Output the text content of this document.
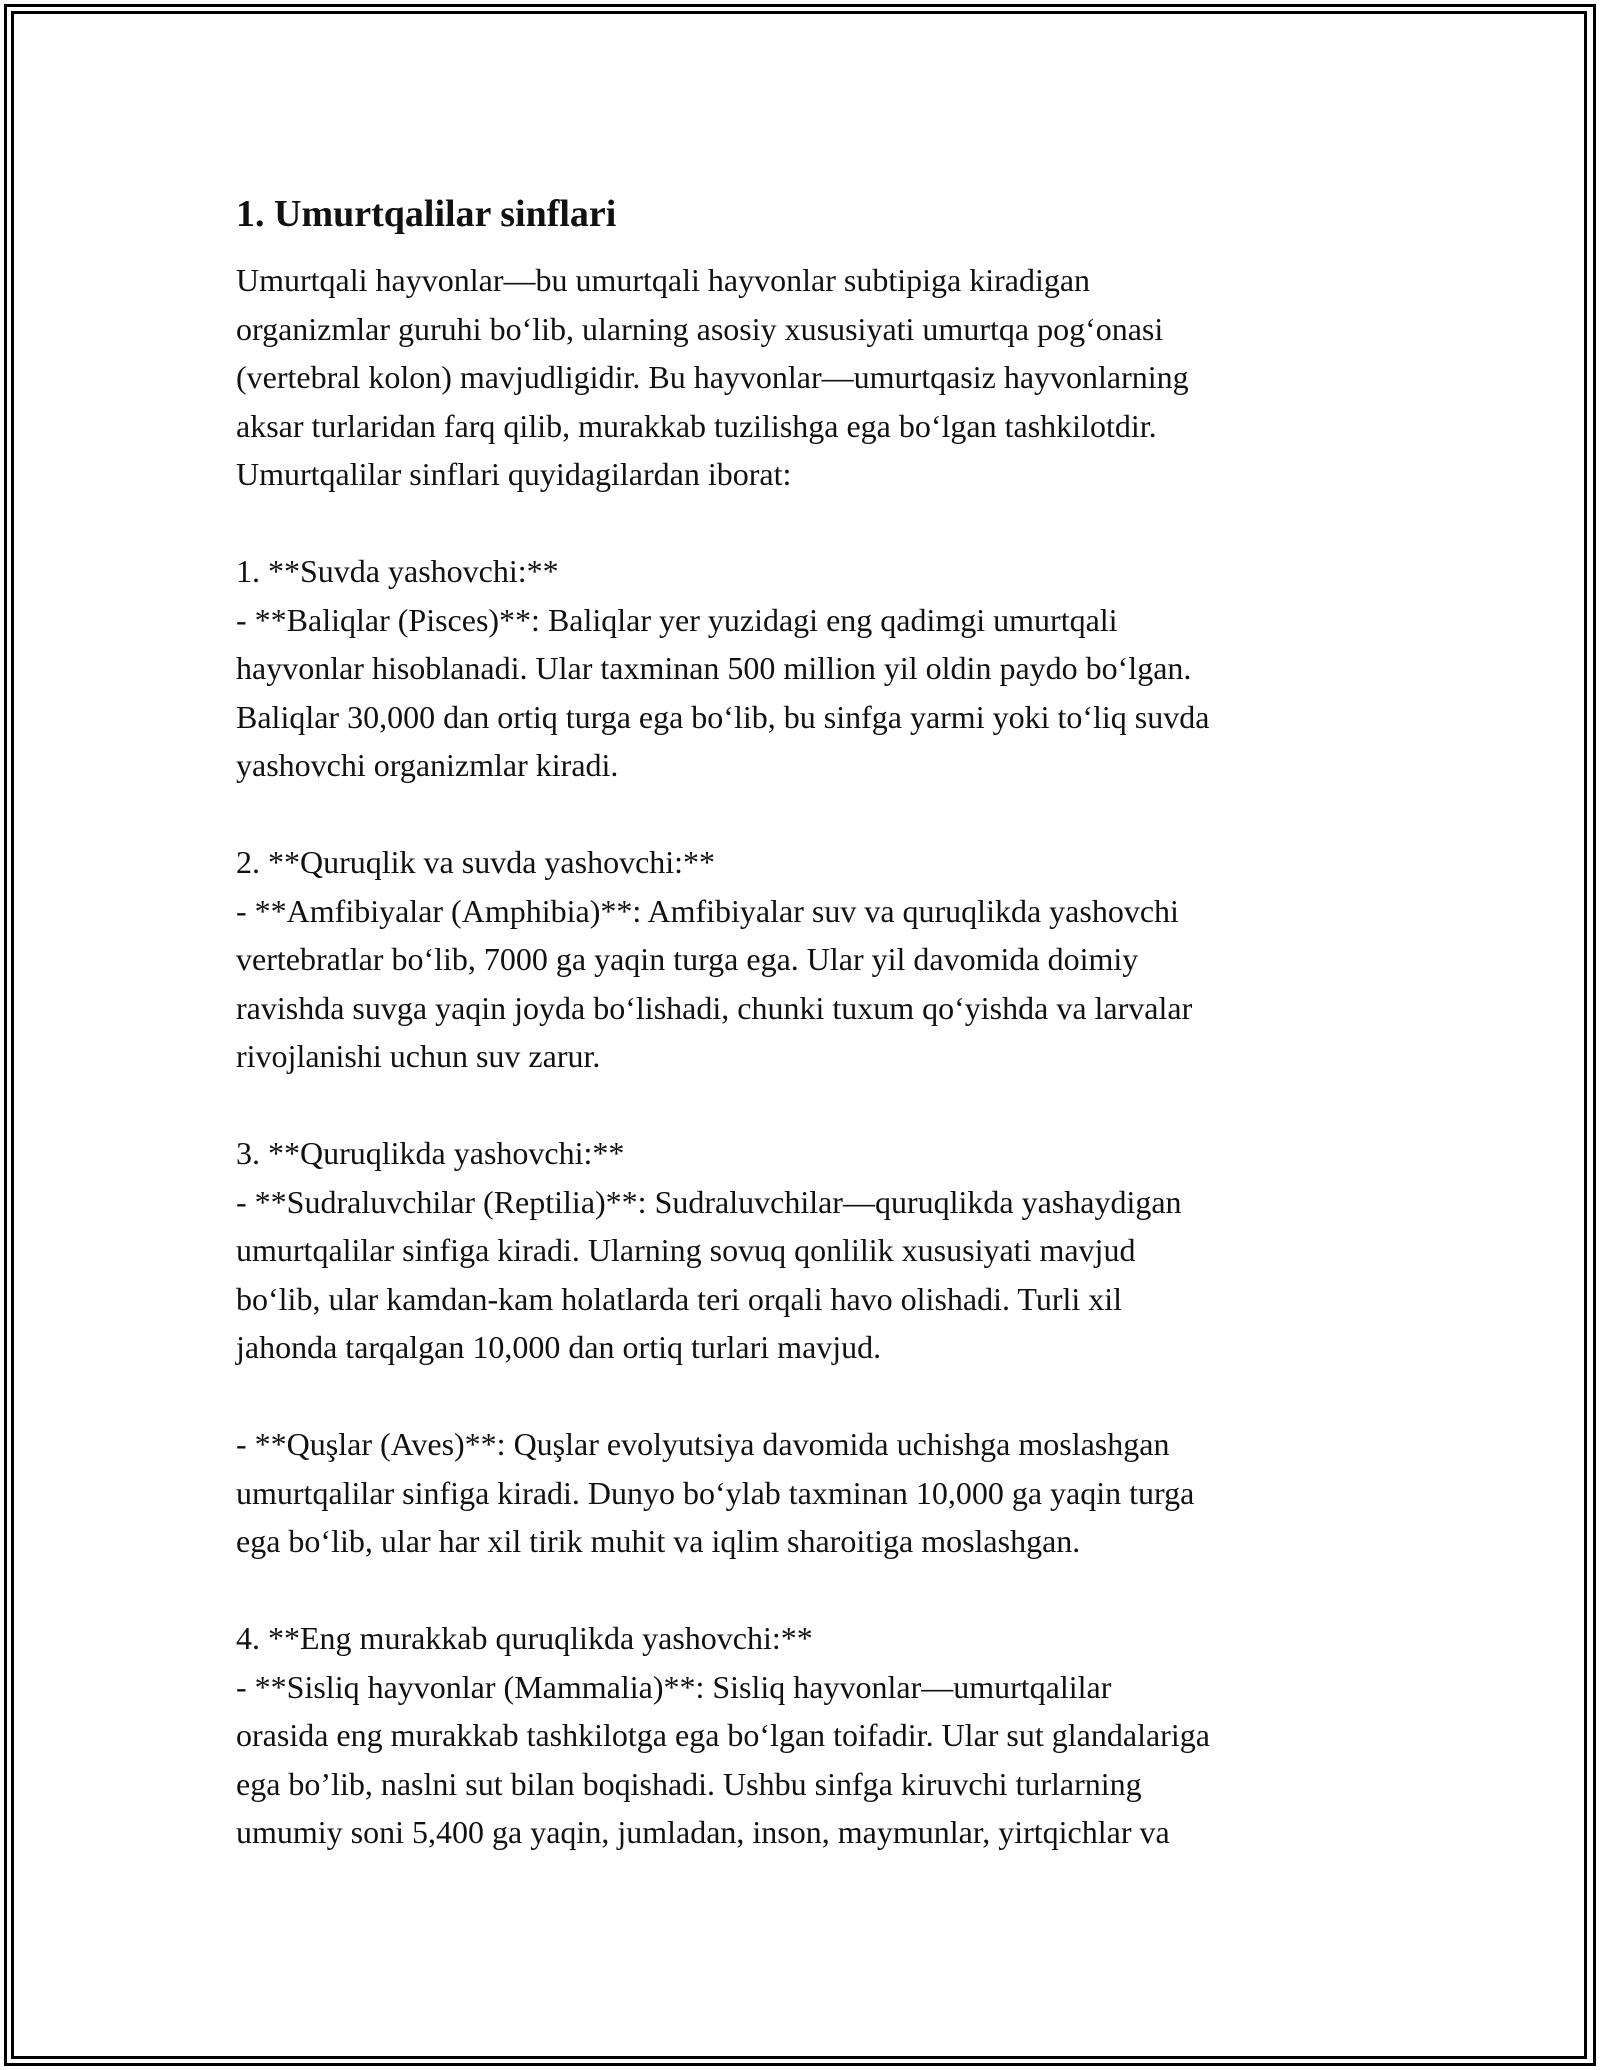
1. Umurtqalilar sinflari

Umurtqali hayvonlar—bu umurtqali hayvonlar subtipiga kiradigan
organizmlar guruhi bo‘lib, ularning asosiy xususiyati umurtqa pog‘onasi
(vertebral kolon) mavjudligidir. Bu hayvonlar—umurtqasiz hayvonlarning
aksar turlaridan farq qilib, murakkab tuzilishga ega bo‘lgan tashkilotdir.
Umurtqalilar sinflari quyidagilardan iborat:

1. **Suvda yashovchi:**
- **Baliqlar (Pisces)**: Baliqlar yer yuzidagi eng qadimgi umurtqali
hayvonlar hisoblanadi. Ular taxminan 500 million yil oldin paydo bo‘lgan.
Baliqlar 30,000 dan ortiq turga ega bo‘lib, bu sinfga yarmi yoki to‘liq suvda
yashovchi organizmlar kiradi.

2. **Quruqlik va suvda yashovchi:**
- **Amfibiyalar (Amphibia)**: Amfibiyalar suv va quruqlikda yashovchi
vertebratlar bo‘lib, 7000 ga yaqin turga ega. Ular yil davomida doimiy
ravishda suvga yaqin joyda bo‘lishadi, chunki tuxum qo‘yishda va larvalar
rivojlanishi uchun suv zarur.

3. **Quruqlikda yashovchi:**
- **Sudraluvchilar (Reptilia)**: Sudraluvchilar—quruqlikda yashaydigan
umurtqalilar sinfiga kiradi. Ularning sovuq qonlilik xususiyati mavjud
bo‘lib, ular kamdan-kam holatlarda teri orqali havo olishadi. Turli xil
jahonda tarqalgan 10,000 dan ortiq turlari mavjud.

- **Quşlar (Aves)**: Quşlar evolyutsiya davomida uchishga moslashgan
umurtqalilar sinfiga kiradi. Dunyo bo‘ylab taxminan 10,000 ga yaqin turga
ega bo‘lib, ular har xil tirik muhit va iqlim sharoitiga moslashgan.

4. **Eng murakkab quruqlikda yashovchi:**
- **Sisliq hayvonlar (Mammalia)**: Sisliq hayvonlar—umurtqalilar
orasida eng murakkab tashkilotga ega bo‘lgan toifadir. Ular sut glandalariga
ega bo’lib, naslni sut bilan boqishadi. Ushbu sinfga kiruvchi turlarning
umumiy soni 5,400 ga yaqin, jumladan, inson, maymunlar, yirtqichlar va
